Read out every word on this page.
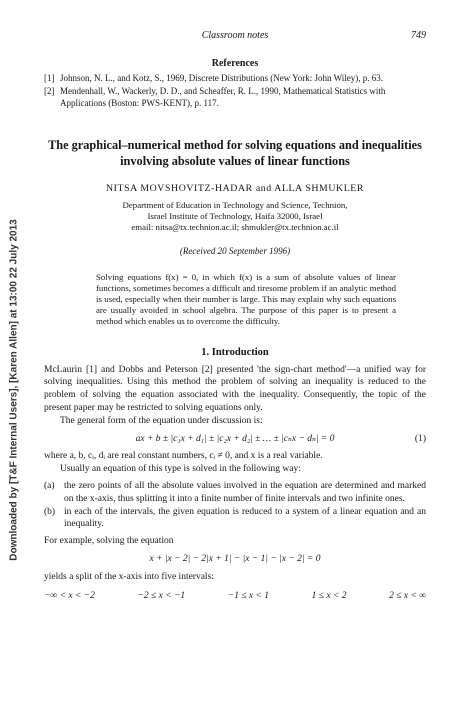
Downloaded by [T&F Internal Users], [Karen Allen] at 13:00 22 July 2013
Classroom notes	749
References
[1] Johnson, N. L., and Kotz, S., 1969, Discrete Distributions (New York: John Wiley), p. 63.
[2] Mendenhall, W., Wackerly, D. D., and Scheaffer, R. L., 1990, Mathematical Statistics with Applications (Boston: PWS-KENT), p. 117.
The graphical–numerical method for solving equations and inequalities involving absolute values of linear functions
NITSA MOVSHOVITZ-HADAR and ALLA SHMUKLER
Department of Education in Technology and Science, Technion,
Israel Institute of Technology, Haifa 32000, Israel
email: nitsa@tx.technion.ac.il; shmukler@tx.technion.ac.il
(Received 20 September 1996)
Solving equations f(x) = 0, in which f(x) is a sum of absolute values of linear functions, sometimes becomes a difficult and tiresome problem if an analytic method is used, especially when their number is large. This may explain why such equations are usually avoided in school algebra. The purpose of this paper is to present a method which enables us to overcome the difficulty.
1. Introduction

McLaurin [1] and Dobbs and Peterson [2] presented 'the sign-chart method'—a unified way for solving inequalities. Using this method the problem of solving an inequality is reduced to the problem of solving the equation associated with the inequality. Consequently, the topic of the present paper may be restricted to solving equations only.

The general form of the equation under discussion is:

ax + b ± |c₁x + d₁| ± |c₂x + d₂| ± … ± |cₙx − dₙ| = 0	(1)

where a, b, cᵢ, dᵢ are real constant numbers, cᵢ ≠ 0, and x is a real variable.

Usually an equation of this type is solved in the following way:

(a) the zero points of all the absolute values involved in the equation are determined and marked on the x-axis, thus splitting it into a finite number of finite intervals and two infinite ones.
(b) in each of the intervals, the given equation is reduced to a system of a linear equation and an inequality.

For example, solving the equation

x + |x − 2| − 2|x + 1| − |x − 1| − |x − 2| = 0

yields a split of the x-axis into five intervals:

−∞ < x < −2	−2 ≤ x < −1	−1 ≤ x < 1	1 ≤ x < 2	2 ≤ x < ∞
